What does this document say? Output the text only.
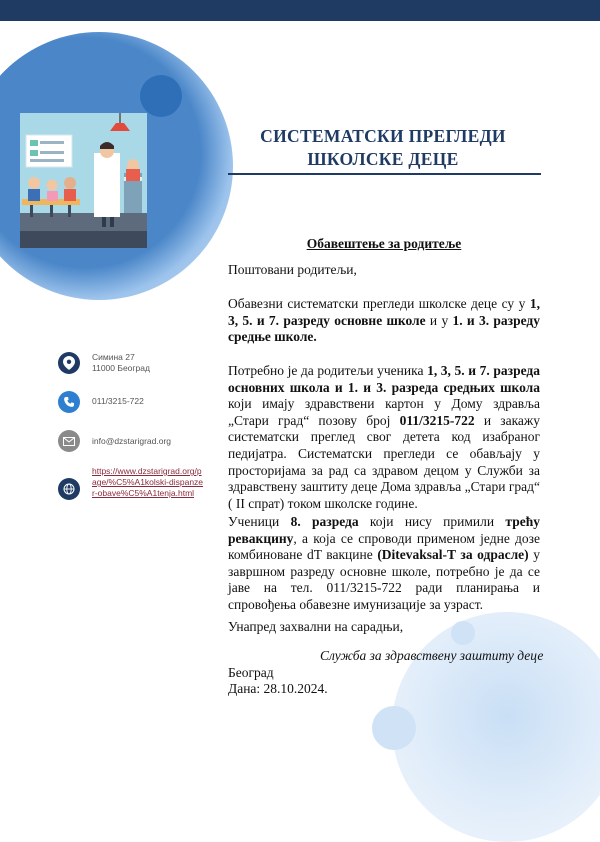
СИСТЕМАТСКИ ПРЕГЛЕДИ
ШКОЛСКЕ ДЕЦЕ
Обавештење за родитеље
Поштовани родитељи,
Обавезни систематски прегледи школске деце су у 1, 3, 5. и 7. разреду основне школе и у 1. и 3. разреду средње школе.
Потребно је да родитељи ученика 1, 3, 5. и 7. разреда основних школа и 1. и 3. разреда средњих школа који имају здравствени картон у Дому здравља „Стари град“ позову број 011/3215-722 и закажу систематски преглед свог детета код изабраног педијатра. Систематски прегледи се обављају у просторијама за рад са здравом децом у Служби за здравствену заштиту деце Дома здравља „Стари град“ ( II спрат) током школске године.
Ученици 8. разреда који нису примили трећу ревакцину, а која се спроводи применом једне дозе комбиноване dT вакцине (Ditevaksal-T за одрасле) у завршном разреду основне школе, потребно је да се јаве на тел. 011/3215-722 ради планирања и спровођења обавезне имунизације за узраст.
Унапред захвални на сарадњи,
Служба за здравствену заштиту деце
Београд
Дана: 28.10.2024.
Симина 27
11000 Београд
011/3215-722
info@dzstarigrad.org
https://www.dzstarigrad.org/page/%C5%A1kolski-dispanzer-obave%C5%A1tenja.html
